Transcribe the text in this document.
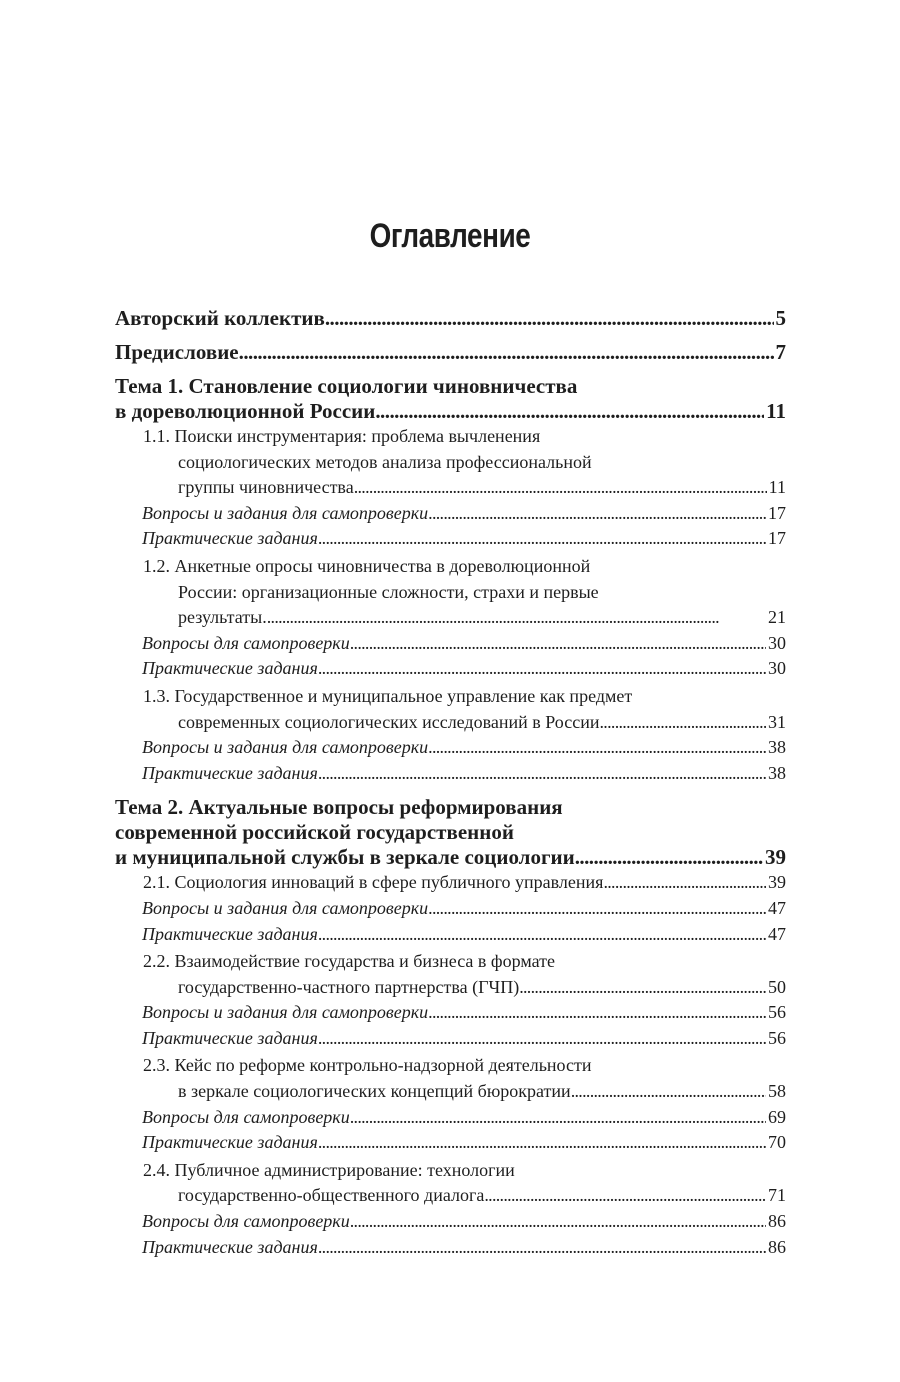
Оглавление
Авторский коллектив . . .	5
Предисловие . . .	7
Тема 1. Становление социологии чиновничества
в дореволюционной России . . .	11
1.1. Поиски инструментария: проблема вычленения
социологических методов анализа профессиональной
группы чиновничества . . .	11
Вопросы и задания для самопроверки . . .	17
Практические задания . . .	17
1.2. Анкетные опросы чиновничества в дореволюционной
России: организационные сложности, страхи и первые
результаты. . . .	21
Вопросы для самопроверки . . .	30
Практические задания . . .	30
1.3. Государственное и муниципальное управление как предмет
современных социологических исследований в России . . .	31
Вопросы и задания для самопроверки . . .	38
Практические задания . . .	38
Тема 2. Актуальные вопросы реформирования
современной российской государственной
и муниципальной службы в зеркале социологии . . .	39
2.1. Социология инноваций в сфере публичного управления . . .	39
Вопросы и задания для самопроверки . . .	47
Практические задания . . .	47
2.2. Взаимодействие государства и бизнеса в формате
государственно-частного партнерства (ГЧП) . . .	50
Вопросы и задания для самопроверки . . .	56
Практические задания . . .	56
2.3. Кейс по реформе контрольно-надзорной деятельности
в зеркале социологических концепций бюрократии . . .	58
Вопросы для самопроверки . . .	69
Практические задания . . .	70
2.4. Публичное администрирование: технологии
государственно-общественного диалога . . .	71
Вопросы для самопроверки . . .	86
Практические задания . . .	86
